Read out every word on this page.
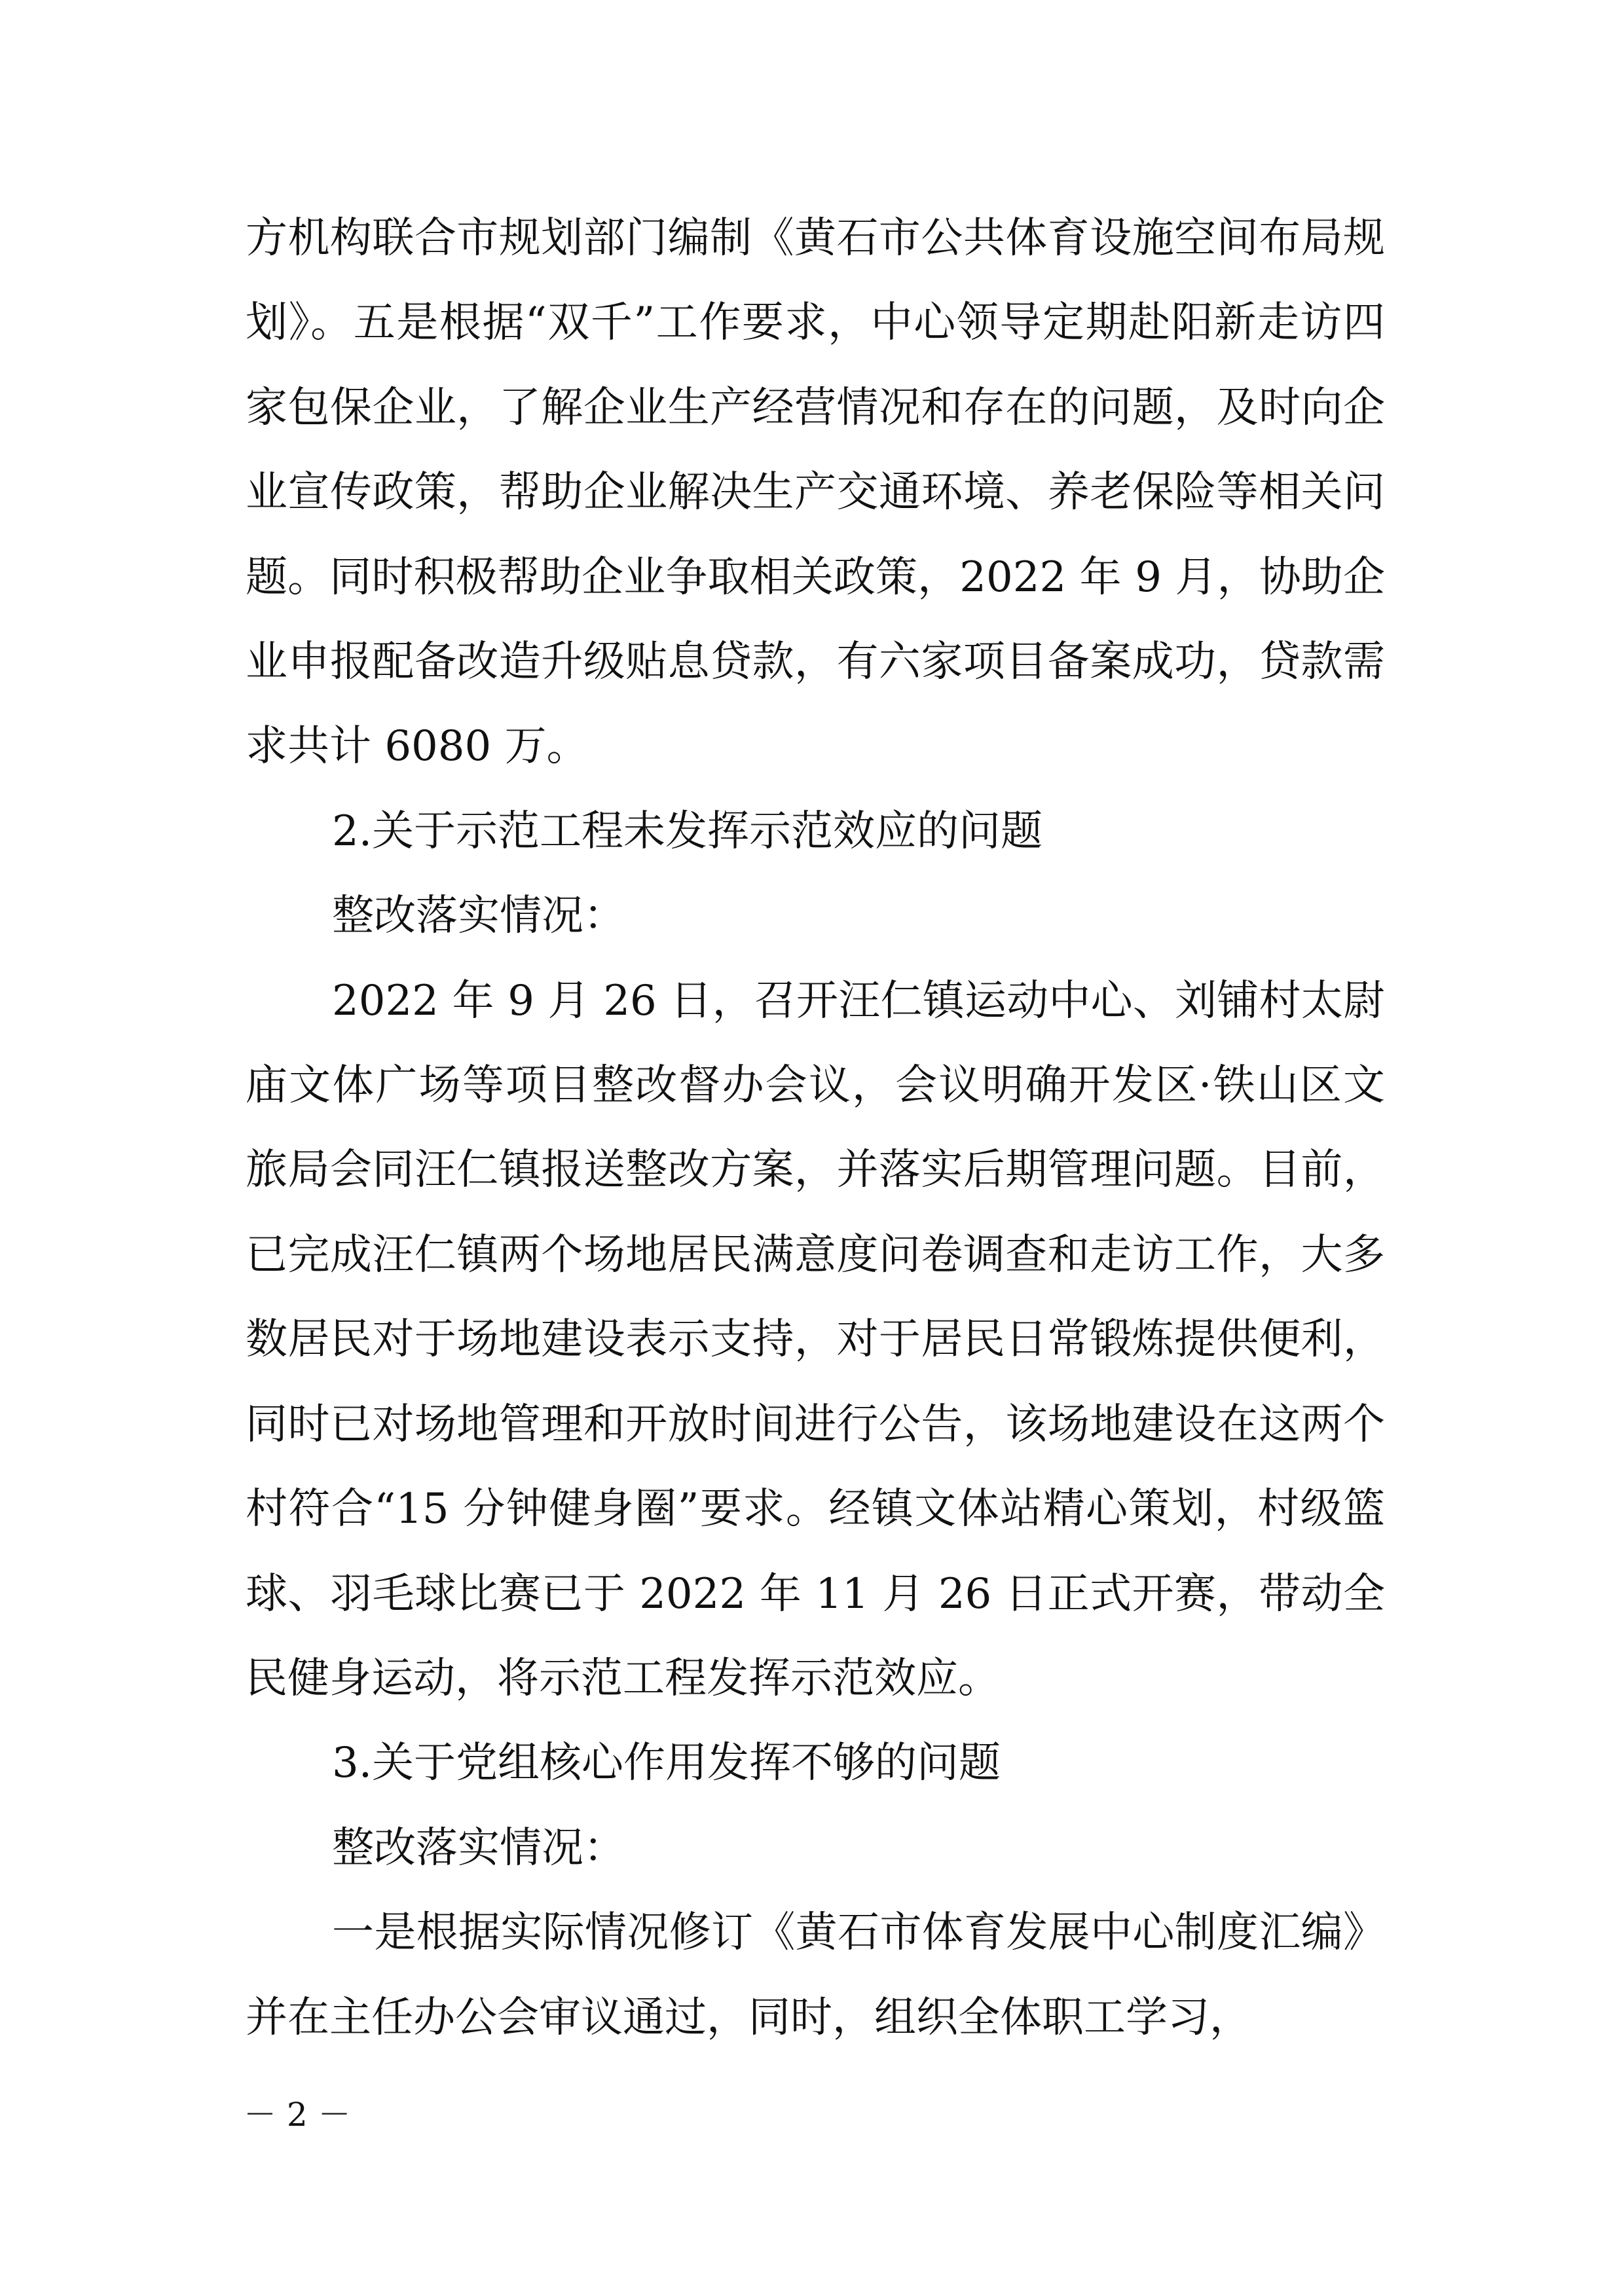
方机构联合市规划部门编制《黄石市公共体育设施空间布局规划》。五是根据“双千”工作要求，中心领导定期赴阳新走访四家包保企业，了解企业生产经营情况和存在的问题，及时向企业宣传政策，帮助企业解决生产交通环境、养老保险等相关问题。同时积极帮助企业争取相关政策，2022 年 9 月，协助企业申报配备改造升级贴息贷款，有六家项目备案成功，贷款需求共计 6080 万。

2.关于示范工程未发挥示范效应的问题

整改落实情况：

2022 年 9 月 26 日，召开汪仁镇运动中心、刘铺村太尉庙文体广场等项目整改督办会议，会议明确开发区·铁山区文旅局会同汪仁镇报送整改方案，并落实后期管理问题。目前，已完成汪仁镇两个场地居民满意度问卷调查和走访工作，大多数居民对于场地建设表示支持，对于居民日常锻炼提供便利，同时已对场地管理和开放时间进行公告，该场地建设在这两个村符合“15 分钟健身圈”要求。经镇文体站精心策划，村级篮球、羽毛球比赛已于 2022 年 11 月 26 日正式开赛，带动全民健身运动，将示范工程发挥示范效应。

3.关于党组核心作用发挥不够的问题

整改落实情况：

一是根据实际情况修订《黄石市体育发展中心制度汇编》并在主任办公会审议通过，同时，组织全体职工学习，

－ 2 －
